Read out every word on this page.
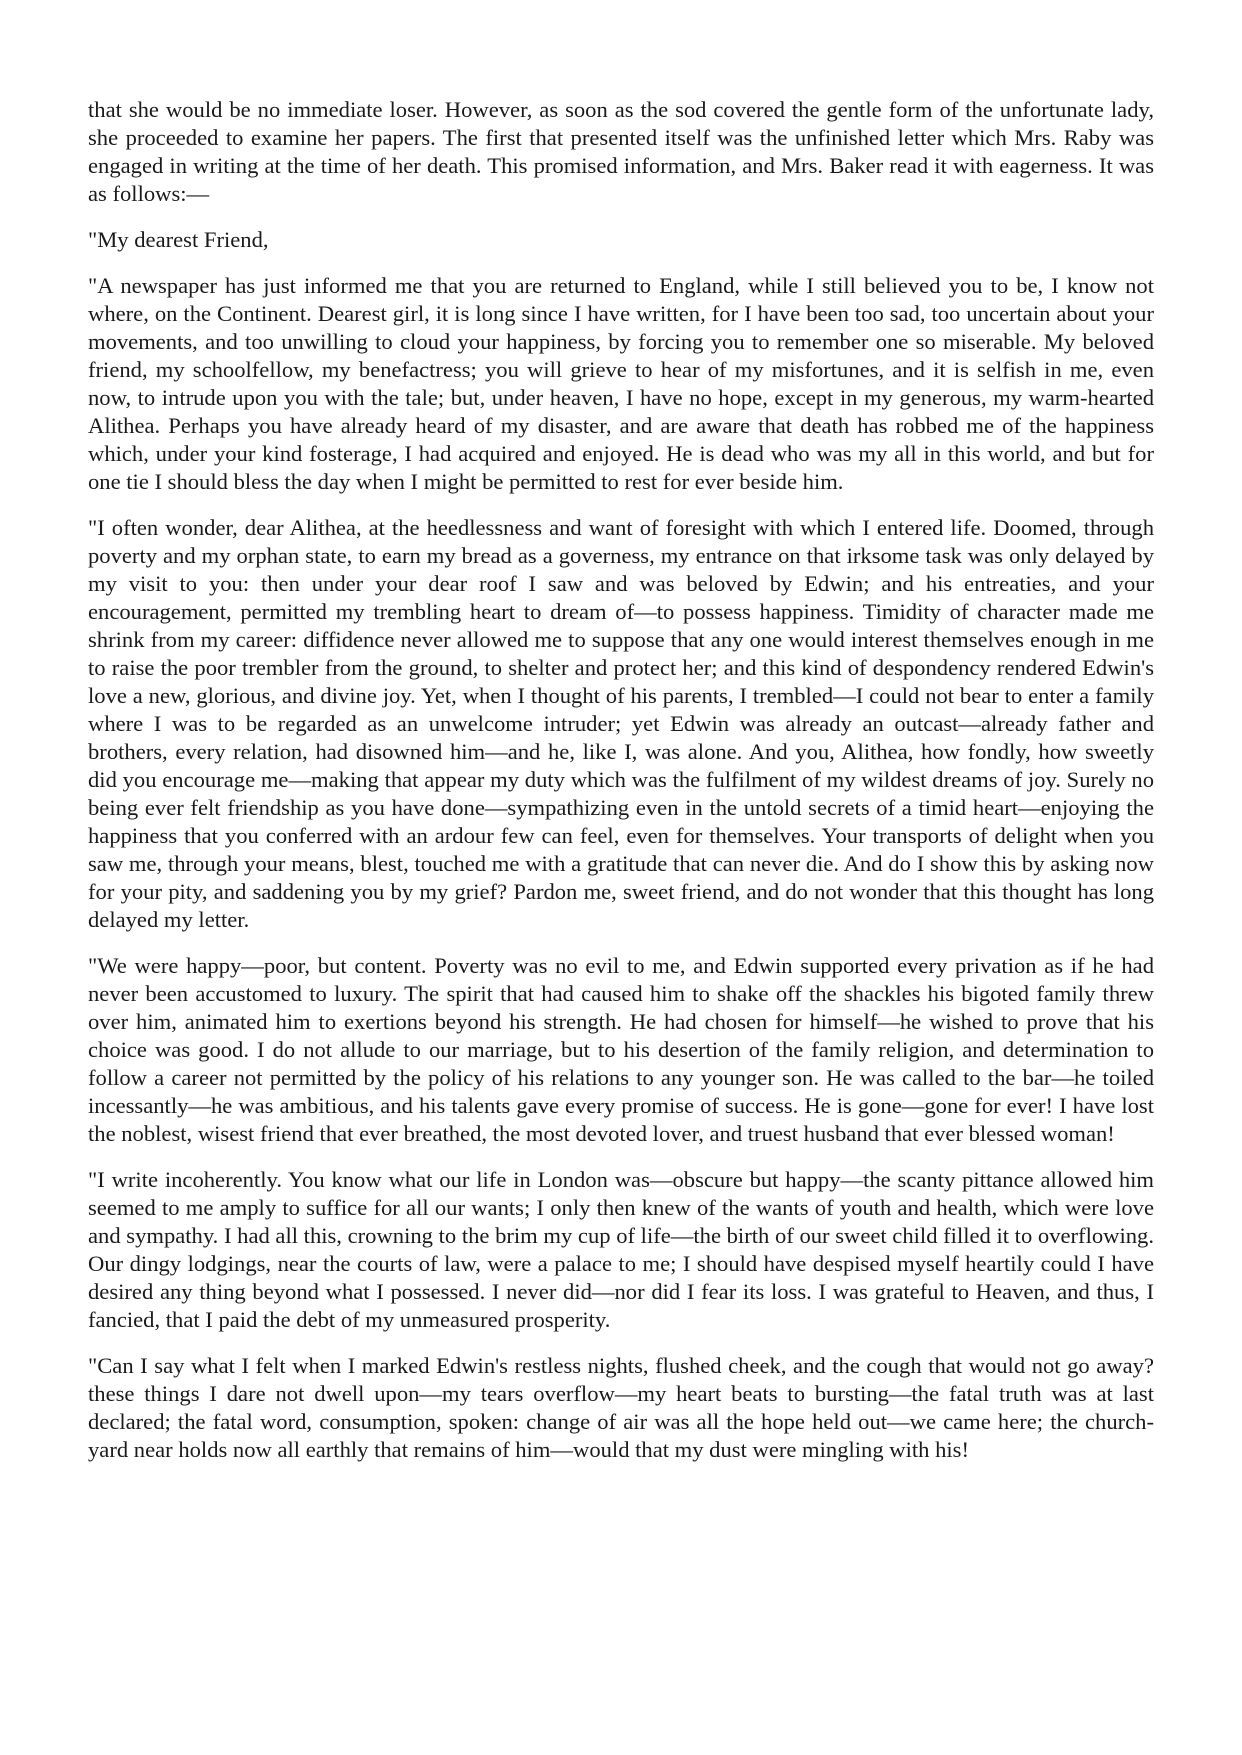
that she would be no immediate loser. However, as soon as the sod covered the gentle form of the unfortunate lady, she proceeded to examine her papers. The first that presented itself was the unfinished letter which Mrs. Raby was engaged in writing at the time of her death. This promised information, and Mrs. Baker read it with eagerness. It was as follows:—

"My dearest Friend,

"A newspaper has just informed me that you are returned to England, while I still believed you to be, I know not where, on the Continent. Dearest girl, it is long since I have written, for I have been too sad, too uncertain about your movements, and too unwilling to cloud your happiness, by forcing you to remember one so miserable. My beloved friend, my schoolfellow, my benefactress; you will grieve to hear of my misfortunes, and it is selfish in me, even now, to intrude upon you with the tale; but, under heaven, I have no hope, except in my generous, my warm-hearted Alithea. Perhaps you have already heard of my disaster, and are aware that death has robbed me of the happiness which, under your kind fosterage, I had acquired and enjoyed. He is dead who was my all in this world, and but for one tie I should bless the day when I might be permitted to rest for ever beside him.

"I often wonder, dear Alithea, at the heedlessness and want of foresight with which I entered life. Doomed, through poverty and my orphan state, to earn my bread as a governess, my entrance on that irksome task was only delayed by my visit to you: then under your dear roof I saw and was beloved by Edwin; and his entreaties, and your encouragement, permitted my trembling heart to dream of—to possess happiness. Timidity of character made me shrink from my career: diffidence never allowed me to suppose that any one would interest themselves enough in me to raise the poor trembler from the ground, to shelter and protect her; and this kind of despondency rendered Edwin's love a new, glorious, and divine joy. Yet, when I thought of his parents, I trembled—I could not bear to enter a family where I was to be regarded as an unwelcome intruder; yet Edwin was already an outcast—already father and brothers, every relation, had disowned him—and he, like I, was alone. And you, Alithea, how fondly, how sweetly did you encourage me—making that appear my duty which was the fulfilment of my wildest dreams of joy. Surely no being ever felt friendship as you have done—sympathizing even in the untold secrets of a timid heart—enjoying the happiness that you conferred with an ardour few can feel, even for themselves. Your transports of delight when you saw me, through your means, blest, touched me with a gratitude that can never die. And do I show this by asking now for your pity, and saddening you by my grief? Pardon me, sweet friend, and do not wonder that this thought has long delayed my letter.

"We were happy—poor, but content. Poverty was no evil to me, and Edwin supported every privation as if he had never been accustomed to luxury. The spirit that had caused him to shake off the shackles his bigoted family threw over him, animated him to exertions beyond his strength. He had chosen for himself—he wished to prove that his choice was good. I do not allude to our marriage, but to his desertion of the family religion, and determination to follow a career not permitted by the policy of his relations to any younger son. He was called to the bar—he toiled incessantly—he was ambitious, and his talents gave every promise of success. He is gone—gone for ever! I have lost the noblest, wisest friend that ever breathed, the most devoted lover, and truest husband that ever blessed woman!

"I write incoherently. You know what our life in London was—obscure but happy—the scanty pittance allowed him seemed to me amply to suffice for all our wants; I only then knew of the wants of youth and health, which were love and sympathy. I had all this, crowning to the brim my cup of life—the birth of our sweet child filled it to overflowing. Our dingy lodgings, near the courts of law, were a palace to me; I should have despised myself heartily could I have desired any thing beyond what I possessed. I never did—nor did I fear its loss. I was grateful to Heaven, and thus, I fancied, that I paid the debt of my unmeasured prosperity.

"Can I say what I felt when I marked Edwin's restless nights, flushed cheek, and the cough that would not go away? these things I dare not dwell upon—my tears overflow—my heart beats to bursting—the fatal truth was at last declared; the fatal word, consumption, spoken: change of air was all the hope held out—we came here; the church-yard near holds now all earthly that remains of him—would that my dust were mingling with his!
